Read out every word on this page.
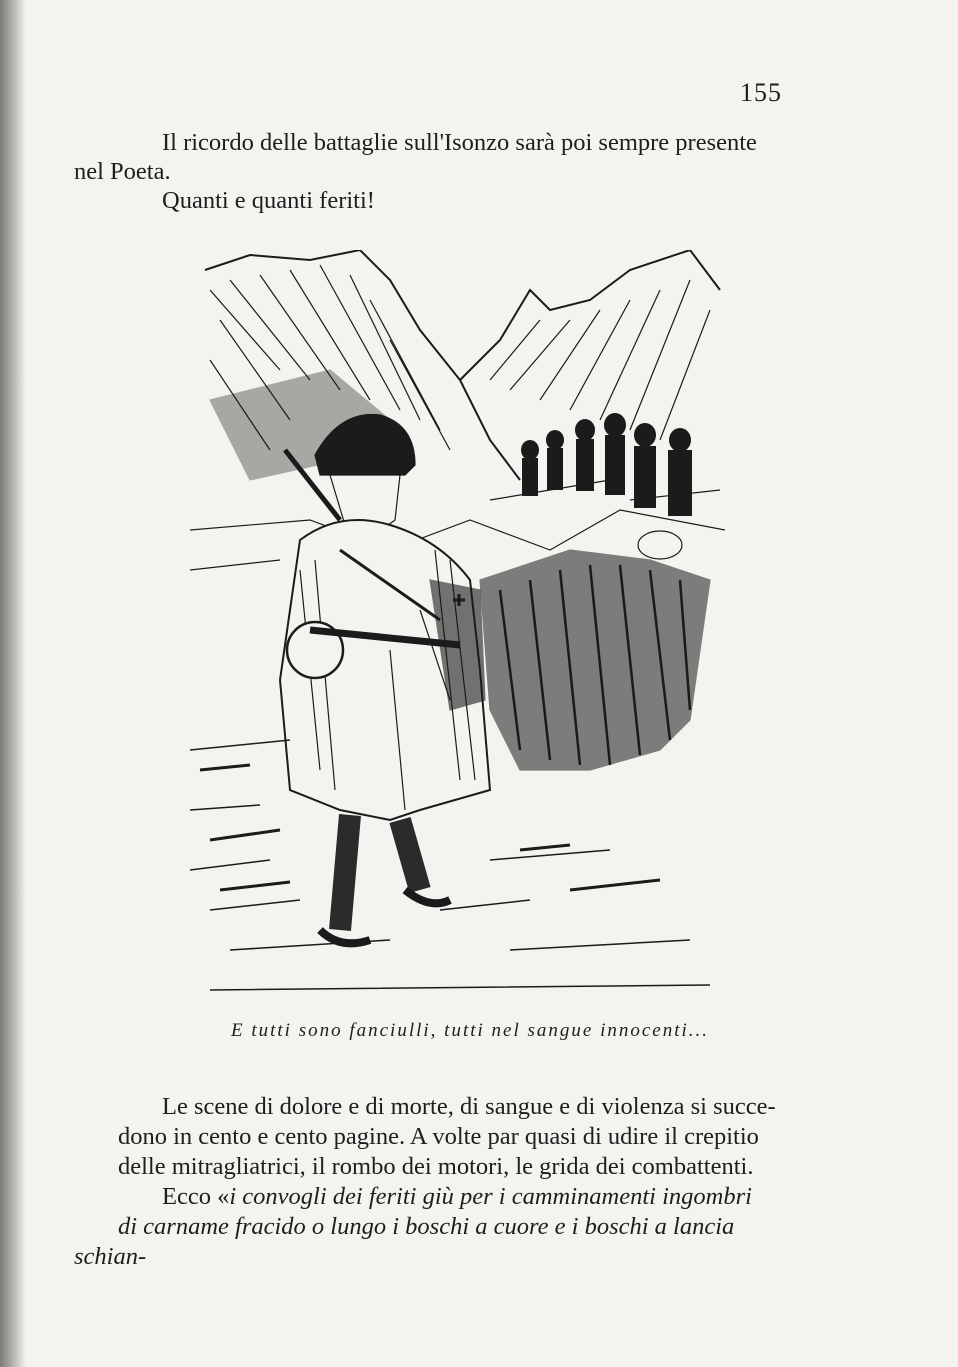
155

Il ricordo delle battaglie sull'Isonzo sarà poi sempre presente
nel Poeta.

Quanti e quanti feriti!

E tutti sono fanciulli, tutti nel sangue innocenti...

Le scene di dolore e di morte, di sangue e di violenza si succe-
dono in cento e cento pagine. A volte par quasi di udire il crepitio
delle mitragliatrici, il rombo dei motori, le grida dei combattenti.

Ecco «i convogli dei feriti giù per i camminamenti ingombri
di carname fracido o lungo i boschi a cuore e i boschi a lancia schian-
